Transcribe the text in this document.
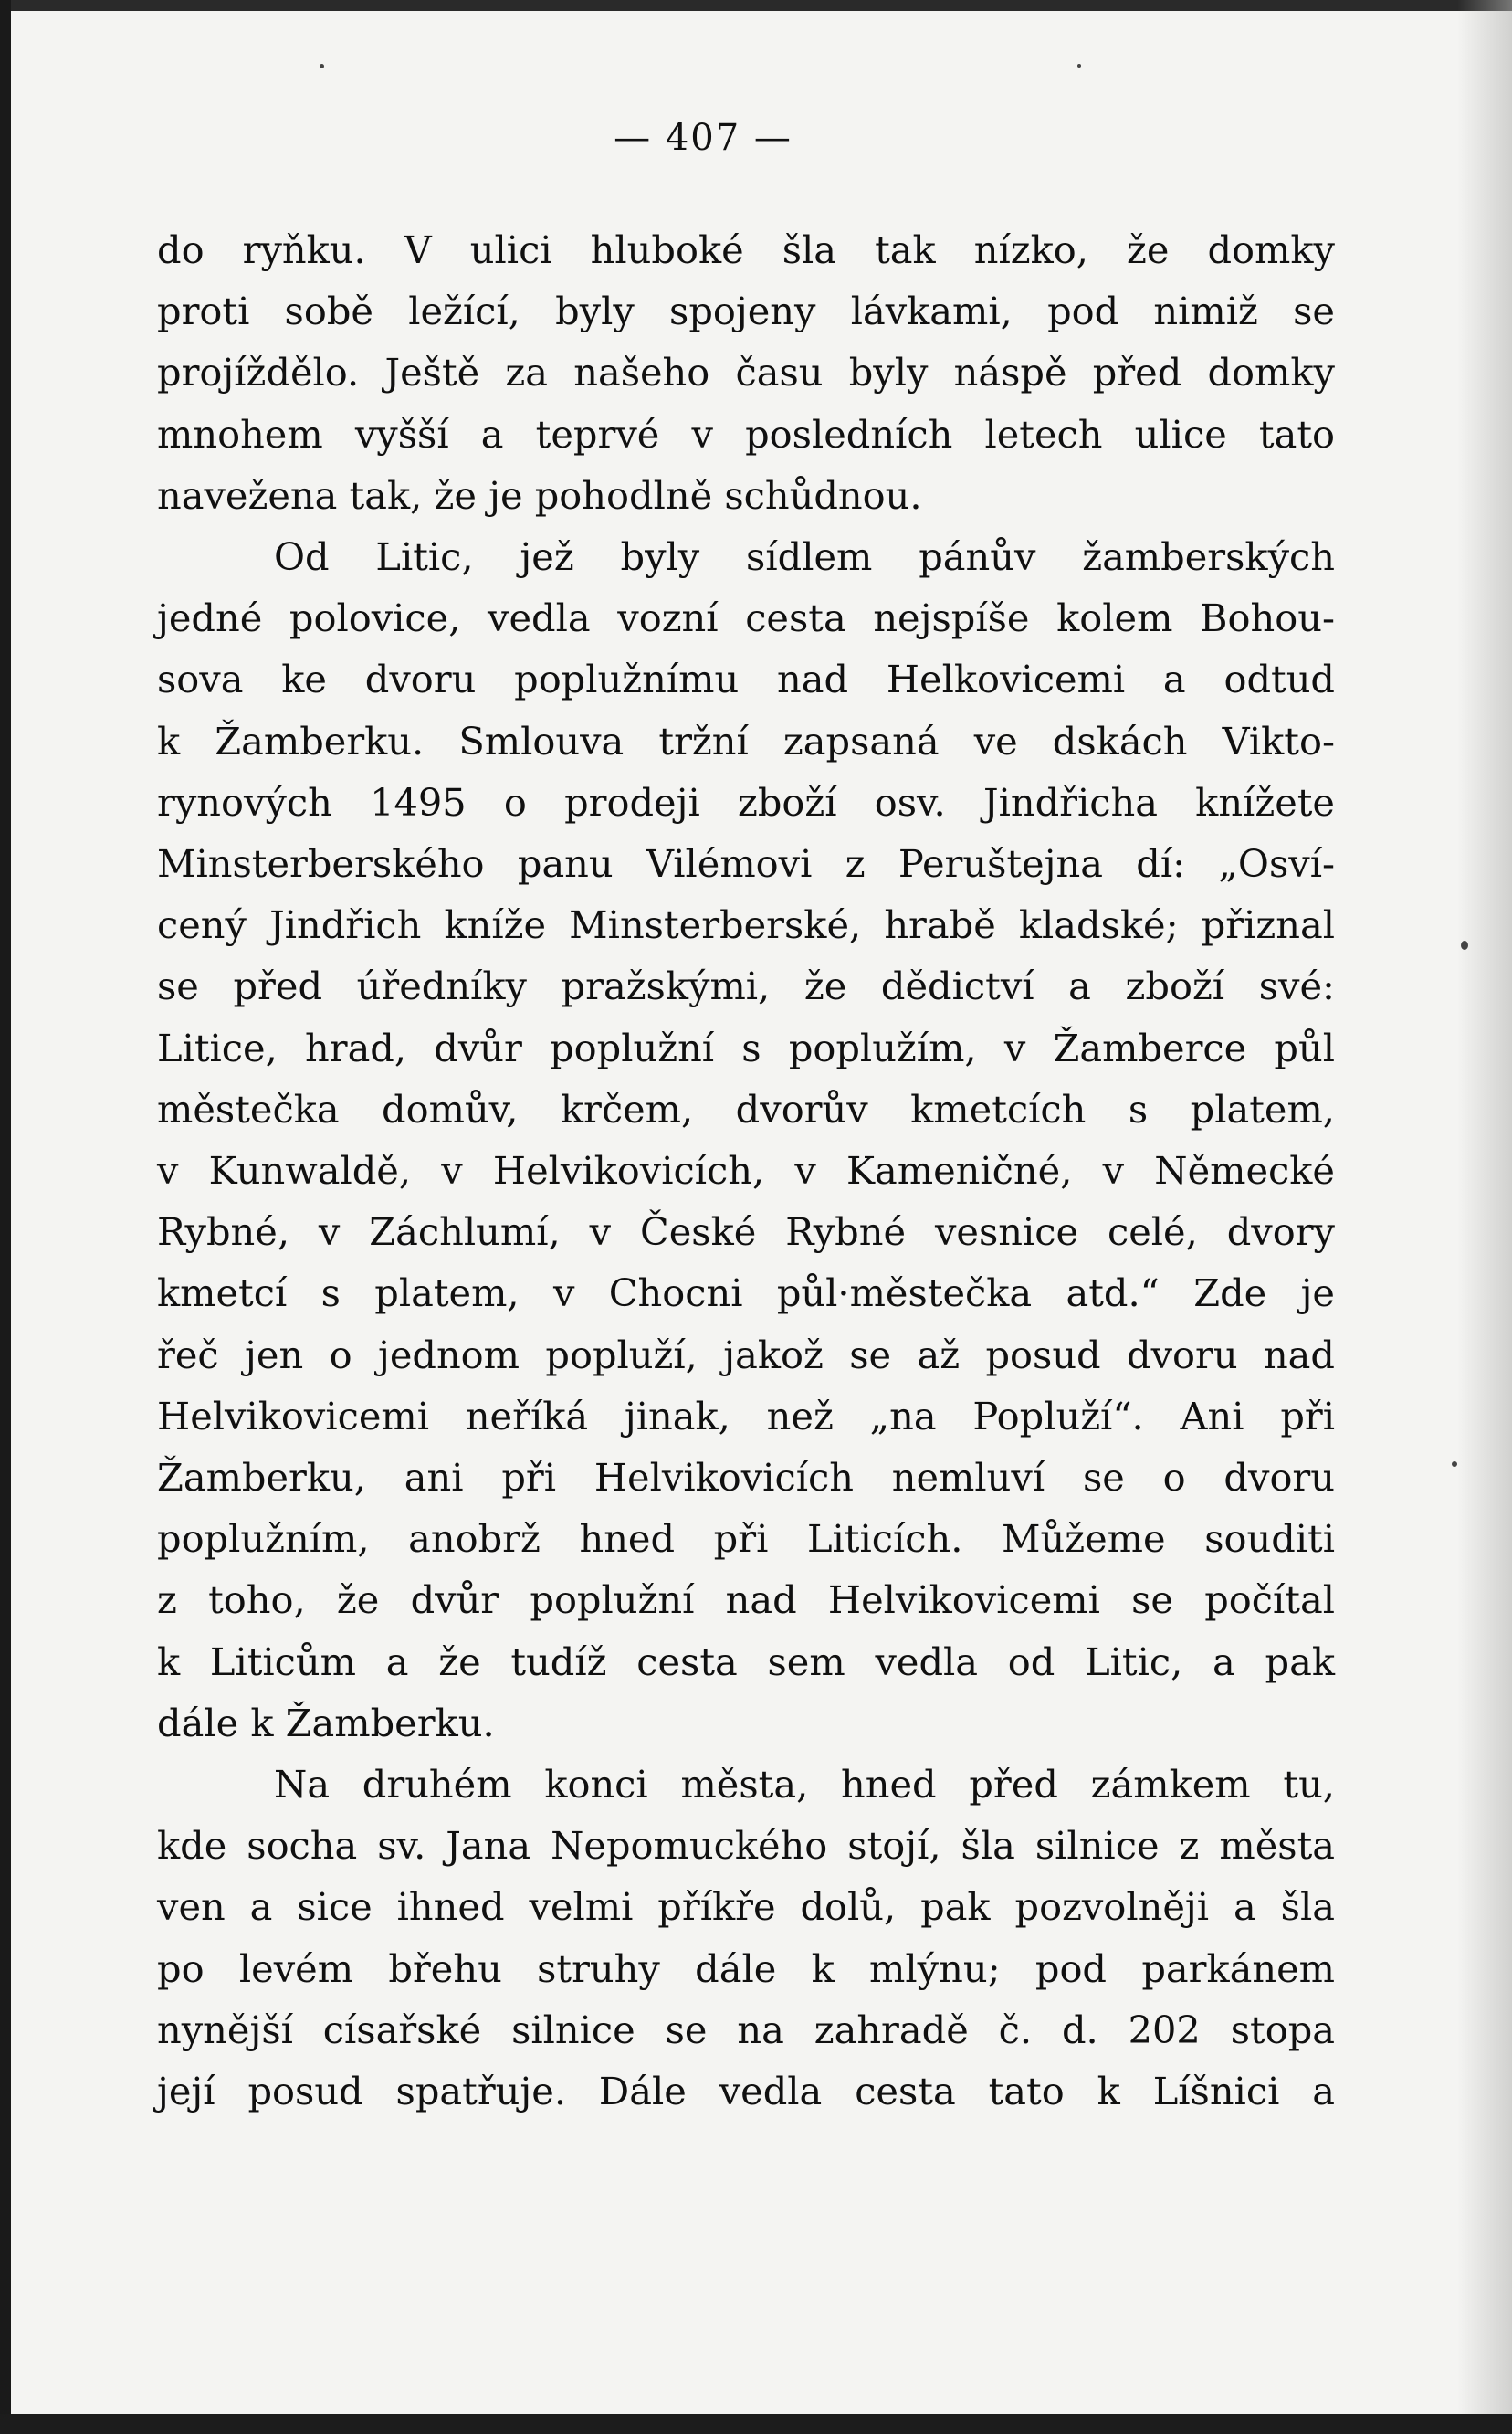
— 407 —
do ryňku. V ulici hluboké šla tak nízko, že domky
proti sobě ležící, byly spojeny lávkami, pod nimiž se
projíždělo. Ještě za našeho času byly náspě před domky
mnohem vyšší a teprvé v posledních letech ulice tato
navežena tak, že je pohodlně schůdnou.
Od Litic, jež byly sídlem pánův žamberských
jedné polovice, vedla vozní cesta nejspíše kolem Bohou-
sova ke dvoru poplužnímu nad Helkovicemi a odtud
k Žamberku. Smlouva tržní zapsaná ve dskách Vikto-
rynových 1495 o prodeji zboží osv. Jindřicha knížete
Minsterberského panu Vilémovi z Peruštejna dí: „Osví-
cený Jindřich kníže Minsterberské, hrabě kladské; přiznal
se před úředníky pražskými, že dědictví a zboží své:
Litice, hrad, dvůr poplužní s poplužím, v Žamberce půl
městečka domův, krčem, dvorův kmetcích s platem,
v Kunwaldě, v Helvikovicích, v Kameničné, v Německé
Rybné, v Záchlumí, v České Rybné vesnice celé, dvory
kmetcí s platem, v Chocni půl·městečka atd.“ Zde je
řeč jen o jednom popluží, jakož se až posud dvoru nad
Helvikovicemi neříká jinak, než „na Popluží“. Ani při
Žamberku, ani při Helvikovicích nemluví se o dvoru
poplužním, anobrž hned při Liticích. Můžeme souditi
z toho, že dvůr poplužní nad Helvikovicemi se počítal
k Liticům a že tudíž cesta sem vedla od Litic, a pak
dále k Žamberku.
Na druhém konci města, hned před zámkem tu,
kde socha sv. Jana Nepomuckého stojí, šla silnice z města
ven a sice ihned velmi příkře dolů, pak pozvolněji a šla
po levém břehu struhy dále k mlýnu; pod parkánem
nynější císařské silnice se na zahradě č. d. 202 stopa
její posud spatřuje. Dále vedla cesta tato k Líšnici a
